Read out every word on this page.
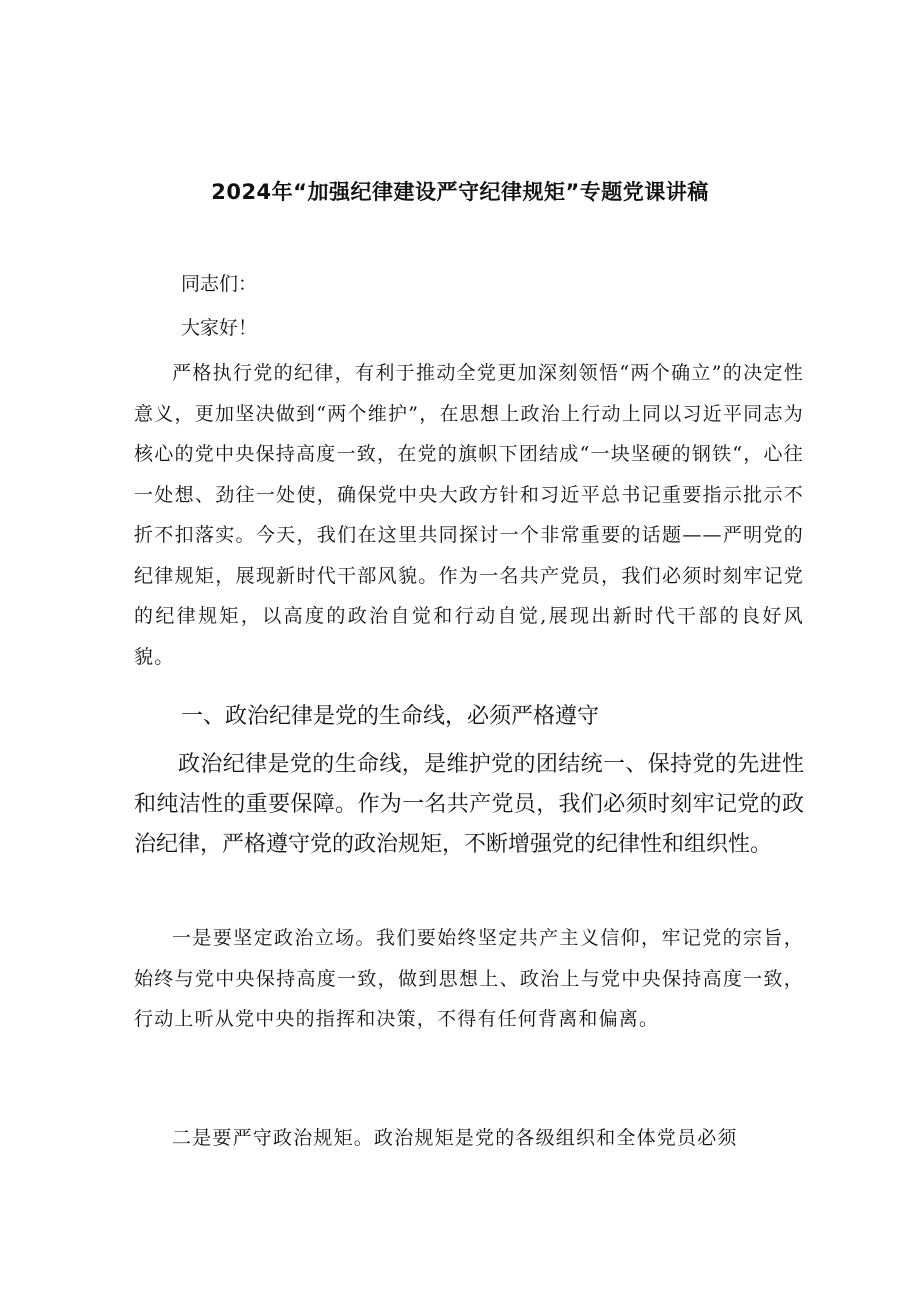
2024年“加强纪律建设严守纪律规矩”专题党课讲稿

同志们：

大家好！

严格执行党的纪律，有利于推动全党更加深刻领悟“两个确立”的决定性意义，更加坚决做到“两个维护”，在思想上政治上行动上同以习近平同志为核心的党中央保持高度一致，在党的旗帜下团结成“一块坚硬的钢铁“，心往一处想、劲往一处使，确保党中央大政方针和习近平总书记重要指示批示不折不扣落实。今天，我们在这里共同探讨一个非常重要的话题——严明党的纪律规矩，展现新时代干部风貌。作为一名共产党员，我们必须时刻牢记党的纪律规矩，以高度的政治自觉和行动自觉,展现出新时代干部的良好风貌。

一、政治纪律是党的生命线，必须严格遵守

政治纪律是党的生命线，是维护党的团结统一、保持党的先进性和纯洁性的重要保障。作为一名共产党员，我们必须时刻牢记党的政治纪律，严格遵守党的政治规矩，不断增强党的纪律性和组织性。

一是要坚定政治立场。我们要始终坚定共产主义信仰，牢记党的宗旨，始终与党中央保持高度一致，做到思想上、政治上与党中央保持高度一致，行动上听从党中央的指挥和决策，不得有任何背离和偏离。

二是要严守政治规矩。政治规矩是党的各级组织和全体党员必须
